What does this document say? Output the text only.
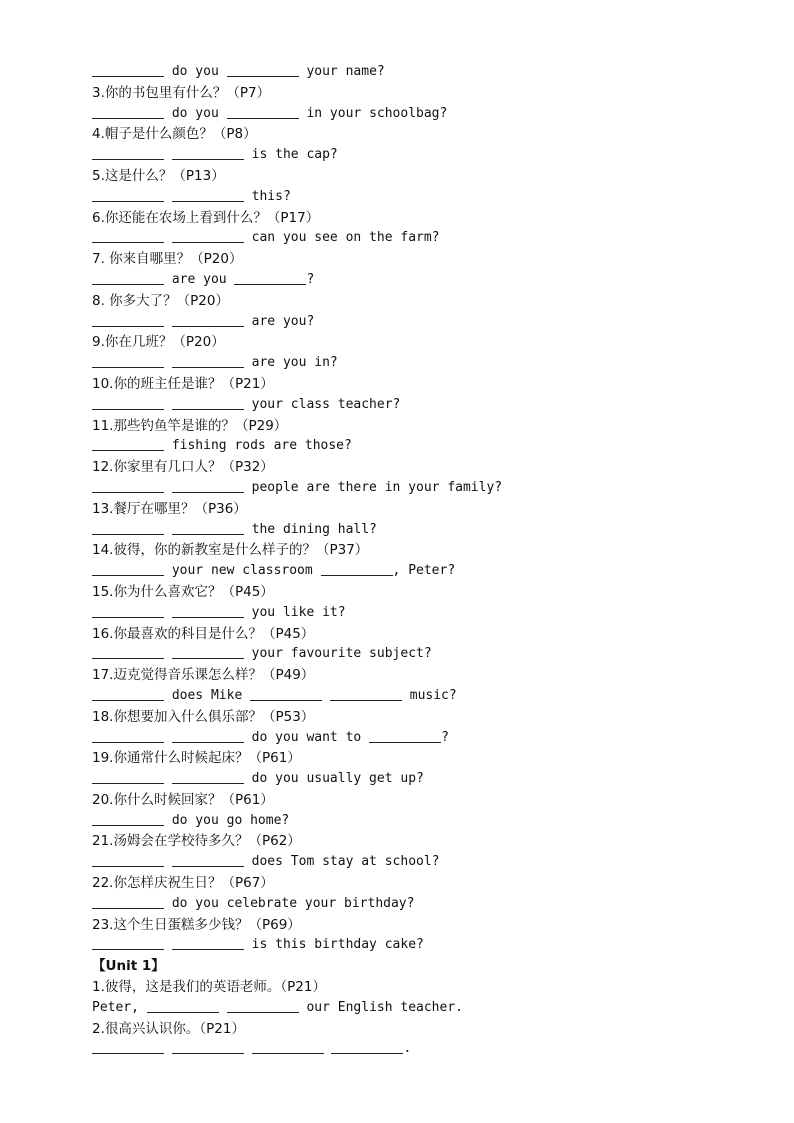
do you	your name?
3.你的书包里有什么？（P7）
do you	in your schoolbag?
4.帽子是什么颜色？（P8）
is the cap?
5.这是什么？（P13）
this?
6.你还能在农场上看到什么？（P17）
can you see on the farm?
7. 你来自哪里？（P20）
are you	?
8. 你多大了？（P20）
are you?
9.你在几班？（P20）
are you in?
10.你的班主任是谁？（P21）
your class teacher?
11.那些钓鱼竿是谁的？（P29）
fishing rods are those?
12.你家里有几口人？（P32）
people are there in your family?
13.餐厅在哪里？（P36）
the dining hall?
14.彼得，你的新教室是什么样子的？（P37）
your new classroom	, Peter?
15.你为什么喜欢它？（P45）
you like it?
16.你最喜欢的科目是什么？（P45）
your favourite subject?
17.迈克觉得音乐课怎么样？（P49）
does Mike	music?
18.你想要加入什么俱乐部？（P53）
do you want to	?
19.你通常什么时候起床？（P61）
do you usually get up?
20.你什么时候回家？（P61）
do you go home?
21.汤姆会在学校待多久？（P62）
does Tom stay at school?
22.你怎样庆祝生日？（P67）
do you celebrate your birthday?
23.这个生日蛋糕多少钱？（P69）
is this birthday cake?
【Unit 1】
1.彼得，这是我们的英语老师。（P21）
Peter,	our English teacher.
2.很高兴认识你。（P21）
.
